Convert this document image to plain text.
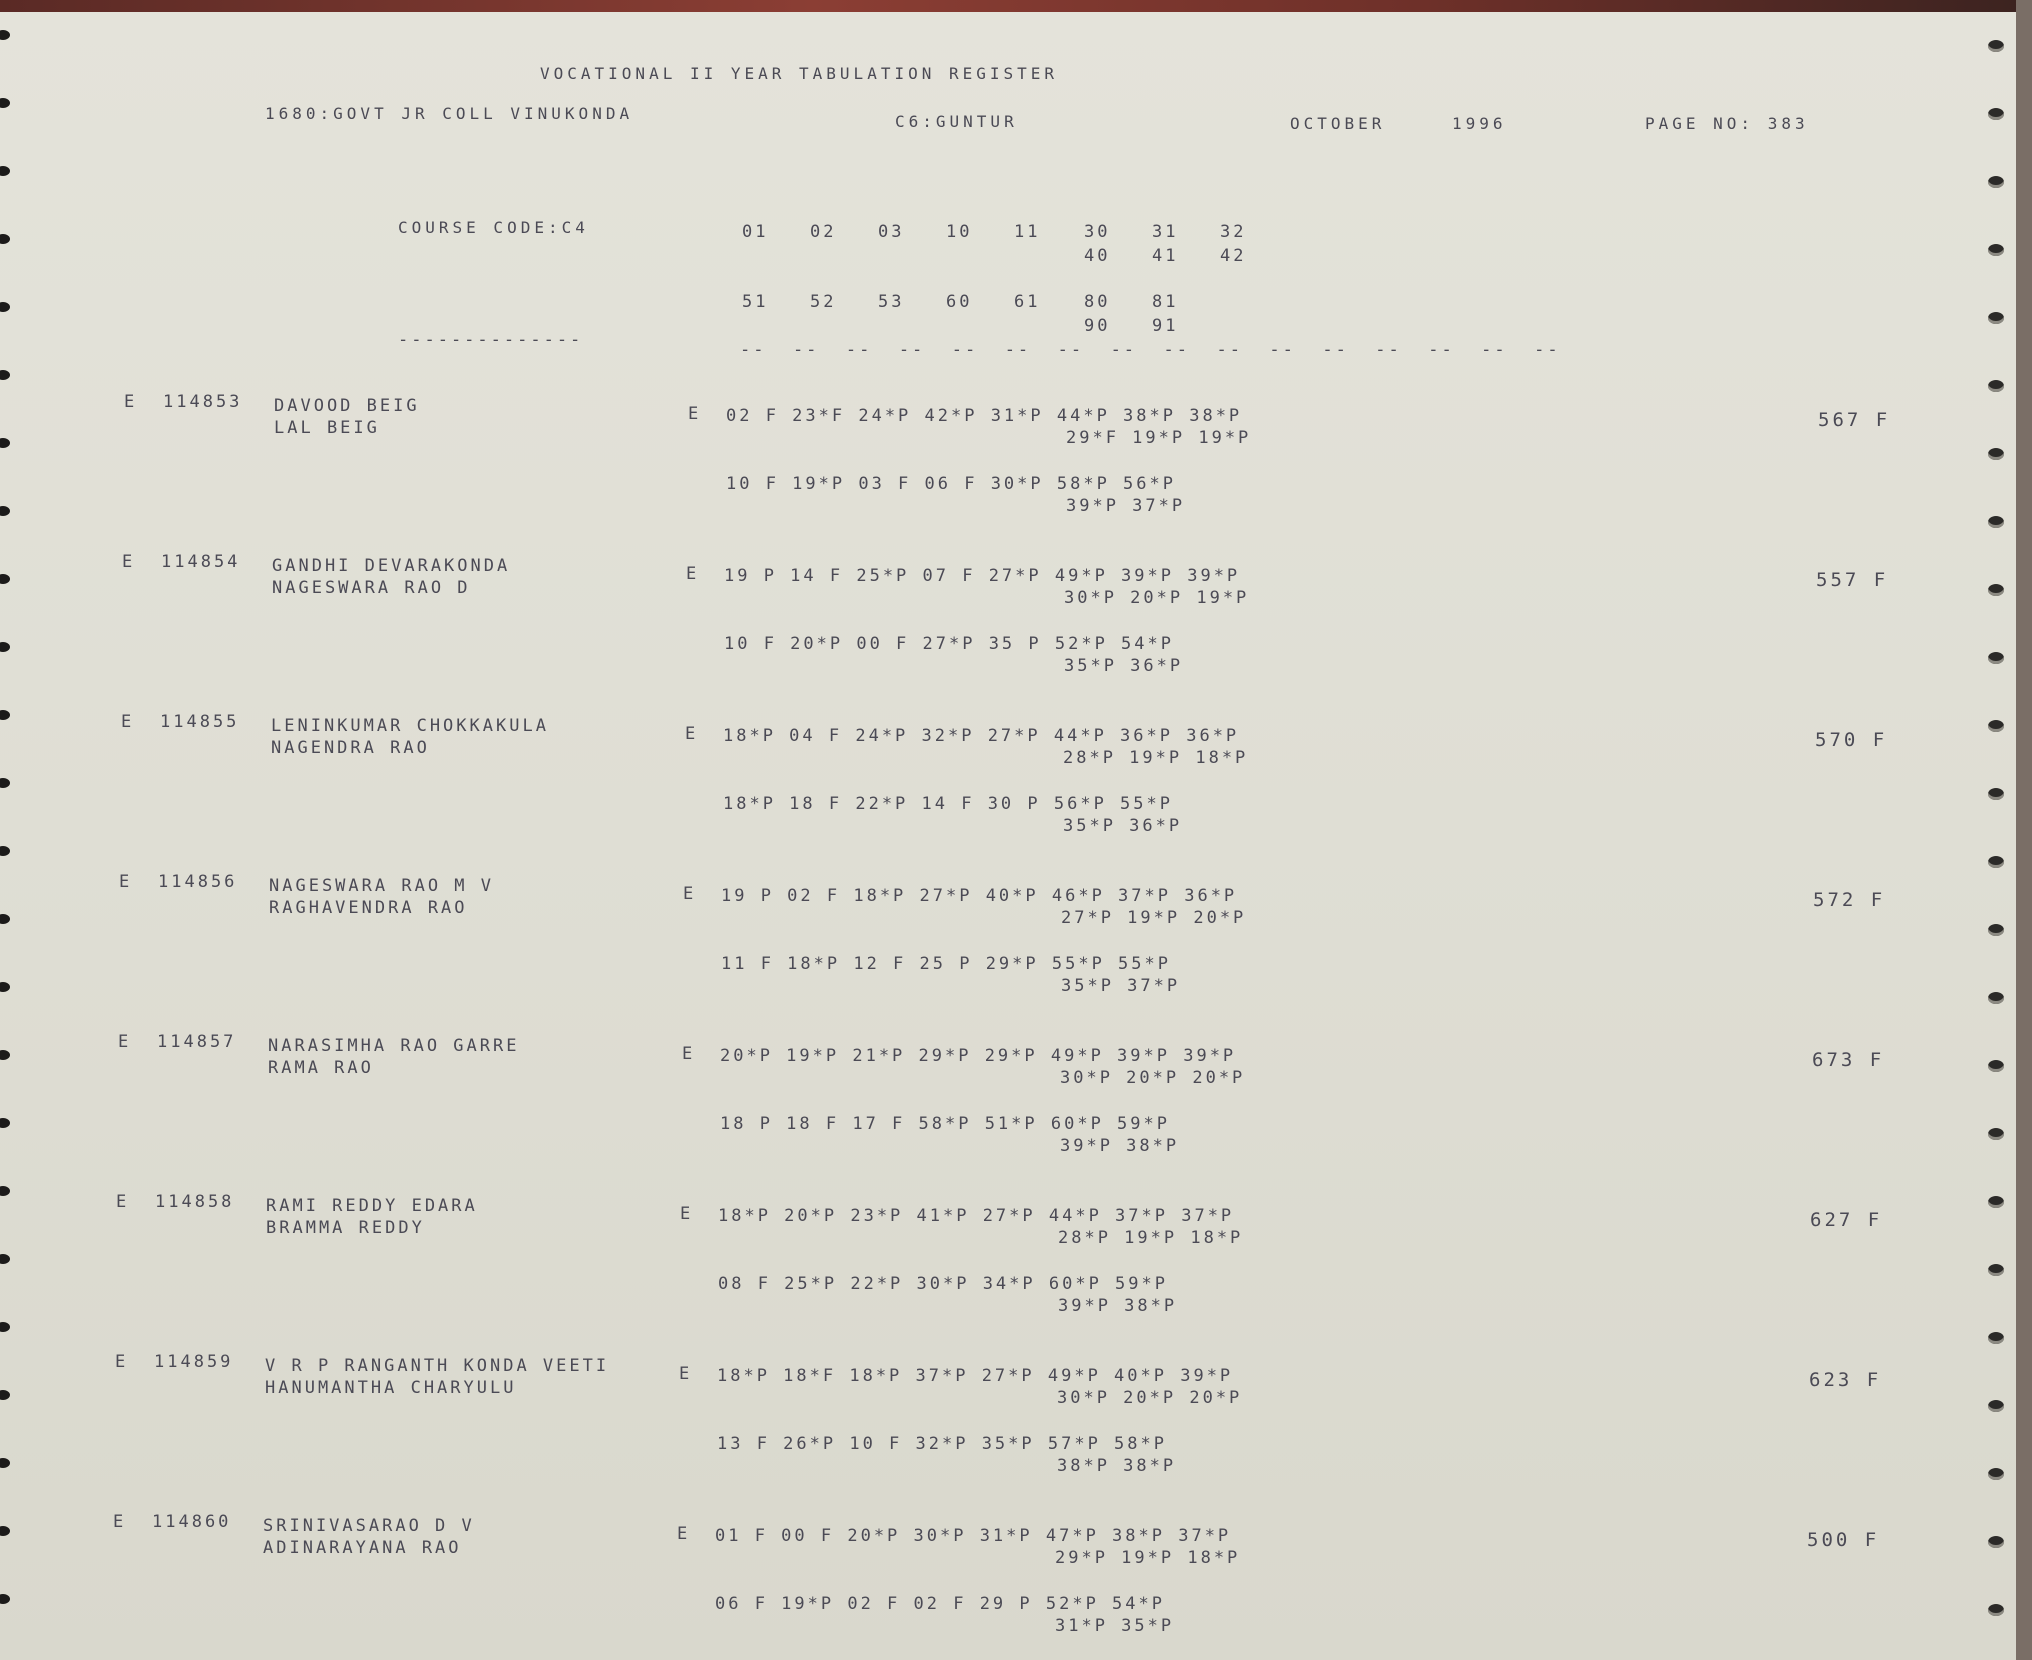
VOCATIONAL II YEAR TABULATION REGISTER
1680:GOVT JR COLL VINUKONDA	C6:GUNTUR	OCTOBER	1996	PAGE NO: 383
COURSE CODE:C4
--------------
01 02 03 10 11	30 31 32
40 41 42
51 52 53 60 61	80 81
90 91
--  --  --  --  --  --  --  --  --  --  --  --  --  --  --  --
E 114853 DAVOOD BEIG
LAL BEIG
E 02 F 23*F 24*P 42*P 31*P 44*P 38*P 38*P
29*F 19*P 19*P
10 F 19*P 03 F 06 F 30*P 58*P 56*P
39*P 37*P
567 F
E 114854 GANDHI DEVARAKONDA
NAGESWARA RAO D
E 19 P 14 F 25*P 07 F 27*P 49*P 39*P 39*P
30*P 20*P 19*P
10 F 20*P 00 F 27*P 35 P 52*P 54*P
35*P 36*P
557 F
E 114855 LENINKUMAR CHOKKAKULA
NAGENDRA RAO
E 18*P 04 F 24*P 32*P 27*P 44*P 36*P 36*P
28*P 19*P 18*P
18*P 18 F 22*P 14 F 30 P 56*P 55*P
35*P 36*P
570 F
E 114856 NAGESWARA RAO M V
RAGHAVENDRA RAO
E 19 P 02 F 18*P 27*P 40*P 46*P 37*P 36*P
27*P 19*P 20*P
11 F 18*P 12 F 25 P 29*P 55*P 55*P
35*P 37*P
572 F
E 114857 NARASIMHA RAO GARRE
RAMA RAO
E 20*P 19*P 21*P 29*P 29*P 49*P 39*P 39*P
30*P 20*P 20*P
18 P 18 F 17 F 58*P 51*P 60*P 59*P
39*P 38*P
673 F
E 114858 RAMI REDDY EDARA
BRAMMA REDDY
E 18*P 20*P 23*P 41*P 27*P 44*P 37*P 37*P
28*P 19*P 18*P
08 F 25*P 22*P 30*P 34*P 60*P 59*P
39*P 38*P
627 F
E 114859 V R P RANGANTH KONDA VEETI
HANUMANTHA CHARYULU
E 18*P 18*F 18*P 37*P 27*P 49*P 40*P 39*P
30*P 20*P 20*P
13 F 26*P 10 F 32*P 35*P 57*P 58*P
38*P 38*P
623 F
E 114860 SRINIVASARAO D V
ADINARAYANA RAO
E 01 F 00 F 20*P 30*P 31*P 47*P 38*P 37*P
29*P 19*P 18*P
06 F 19*P 02 F 02 F 29 P 52*P 54*P
31*P 35*P
500 F
